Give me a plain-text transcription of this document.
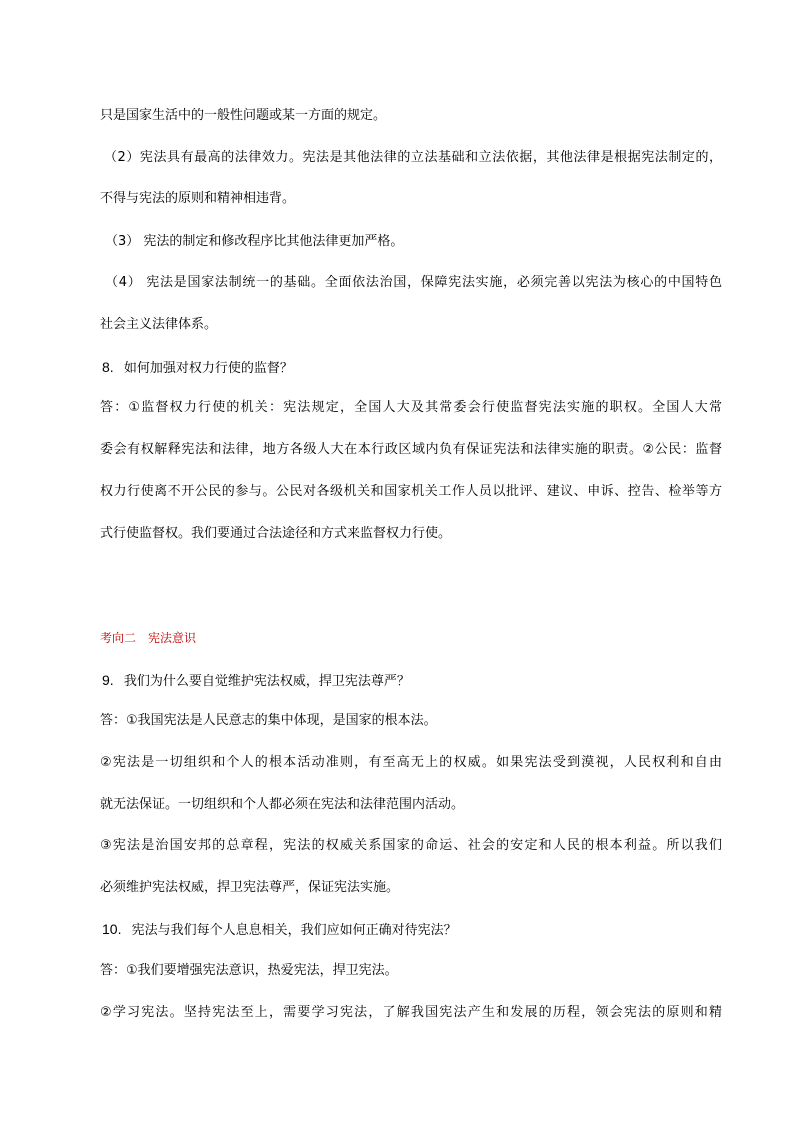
只是国家生活中的一般性问题或某一方面的规定。
（2）宪法具有最高的法律效力。宪法是其他法律的立法基础和立法依据，其他法律是根据宪法制定的，
不得与宪法的原则和精神相违背。
（3） 宪法的制定和修改程序比其他法律更加严格。
（4） 宪法是国家法制统一的基础。全面依法治国，保障宪法实施，必须完善以宪法为核心的中国特色
社会主义法律体系。
8. 如何加强对权力行使的监督？
答：①监督权力行使的机关：宪法规定，全国人大及其常委会行使监督宪法实施的职权。全国人大常
委会有权解释宪法和法律，地方各级人大在本行政区域内负有保证宪法和法律实施的职责。②公民：监督
权力行使离不开公民的参与。公民对各级机关和国家机关工作人员以批评、建议、申诉、控告、检举等方
式行使监督权。我们要通过合法途径和方式来监督权力行使。
考向二　宪法意识
9. 我们为什么要自觉维护宪法权威，捍卫宪法尊严？
答：①我国宪法是人民意志的集中体现，是国家的根本法。
②宪法是一切组织和个人的根本活动准则，有至高无上的权威。如果宪法受到漠视，人民权利和自由
就无法保证。一切组织和个人都必须在宪法和法律范围内活动。
③宪法是治国安邦的总章程，宪法的权威关系国家的命运、社会的安定和人民的根本利益。所以我们
必须维护宪法权威，捍卫宪法尊严，保证宪法实施。
10. 宪法与我们每个人息息相关，我们应如何正确对待宪法？
答：①我们要增强宪法意识，热爱宪法，捍卫宪法。
②学习宪法。坚持宪法至上，需要学习宪法，了解我国宪法产生和发展的历程，领会宪法的原则和精
